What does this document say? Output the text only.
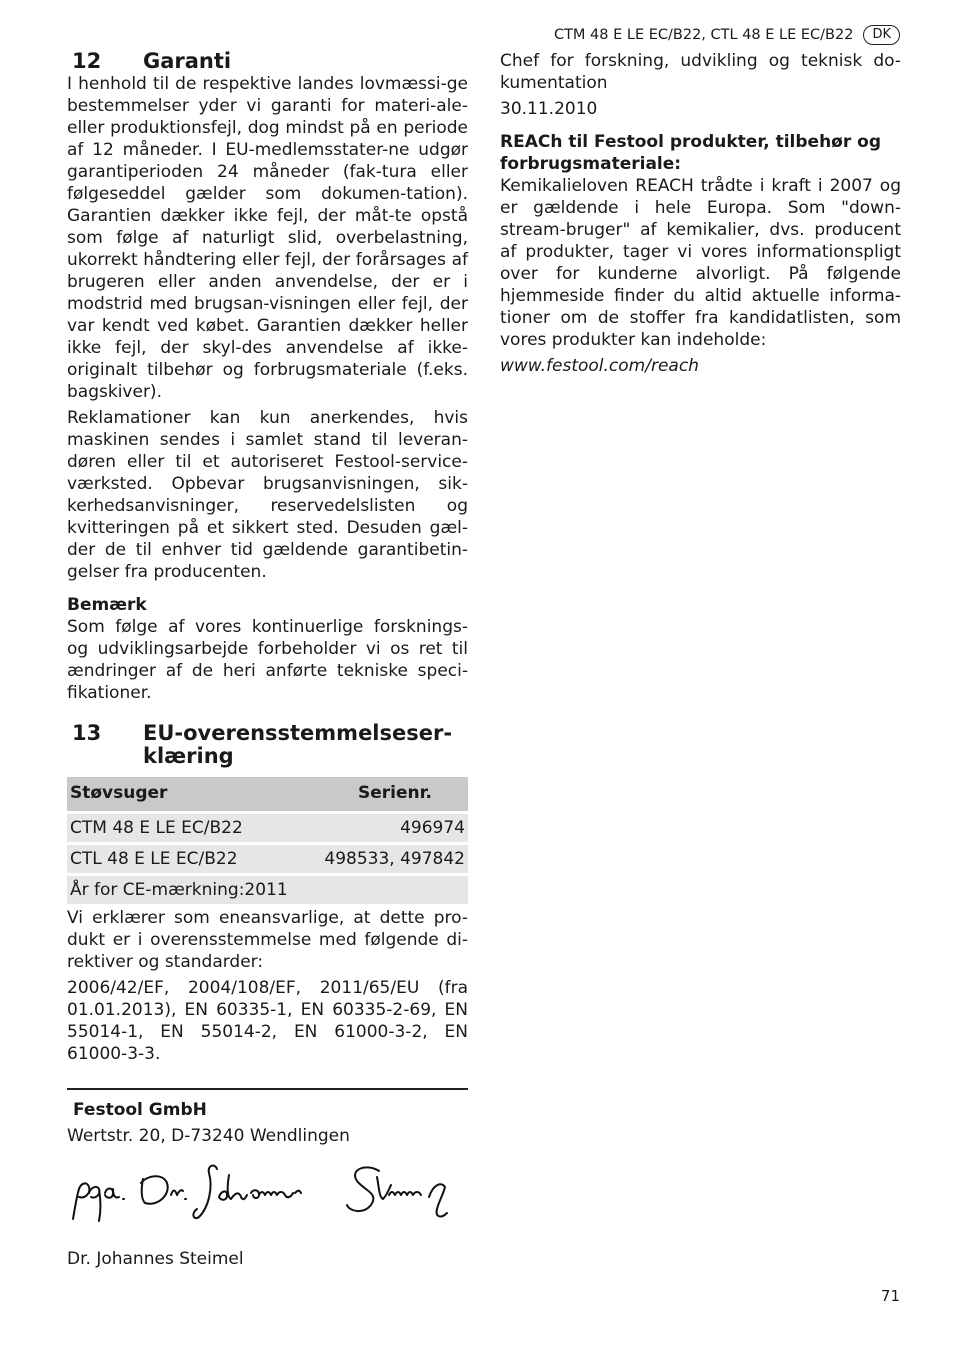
CTM 48 E LE EC/B22, CTL 48 E LE EC/B22	DK
12	Garanti

I henhold til de respektive landes lovmæssi-ge bestemmelser yder vi garanti for materi-ale- eller produktionsfejl, dog mindst på en periode af 12 måneder. I EU-medlemsstater-ne udgør garantiperioden 24 måneder (fak-tura eller følgeseddel gælder som dokumen-tation). Garantien dækker ikke fejl, der måt-te opstå som følge af naturligt slid, overbelastning, ukorrekt håndtering eller fejl, der forårsages af brugeren eller anden anvendelse, der er i modstrid med brugsan-visningen eller fejl, der var kendt ved købet. Garantien dækker heller ikke fejl, der skyl-des anvendelse af ikke-originalt tilbehør og forbrugsmateriale (f.eks. bagskiver).

Reklamationer kan kun anerkendes, hvis maskinen sendes i samlet stand til leveran-døren eller til et autoriseret Festool-service-værksted. Opbevar brugsanvisningen, sik-kerhedsanvisninger, reservedelslisten og kvitteringen på et sikkert sted. Desuden gæl-der de til enhver tid gældende garantibetin-gelser fra producenten.

Bemærk

Som følge af vores kontinuerlige forsknings- og udviklingsarbejde forbeholder vi os ret til ændringer af de heri anførte tekniske speci-fikationer.

13	EU-overensstemmelseser-klæring
Støvsuger	Serienr.
CTM 48 E LE EC/B22	496974
CTL 48 E LE EC/B22	498533, 497842
År for CE-mærkning:2011	

Vi erklærer som eneansvarlige, at dette pro-dukt er i overensstemmelse med følgende di-rektiver og standarder:

2006/42/EF, 2004/108/EF, 2011/65/EU (fra 01.01.2013), EN 60335-1, EN 60335-2-69, EN 55014-1, EN 55014-2, EN 61000-3-2, EN 61000-3-3.

Festool GmbH
Wertstr. 20, D-73240 Wendlingen
Dr. Johannes Steimel

Chef for forskning, udvikling og teknisk do-kumentation

30.11.2010

REACh til Festool produkter, tilbehør og forbrugsmateriale:

Kemikalieloven REACH trådte i kraft i 2007 og er gældende i hele Europa. Som "down-stream-bruger" af kemikalier, dvs. producent af produkter, tager vi vores informationspligt over for kunderne alvorligt. På følgende hjemmeside finder du altid aktuelle informa-tioner om de stoffer fra kandidatlisten, som vores produkter kan indeholde:

www.festool.com/reach

71
